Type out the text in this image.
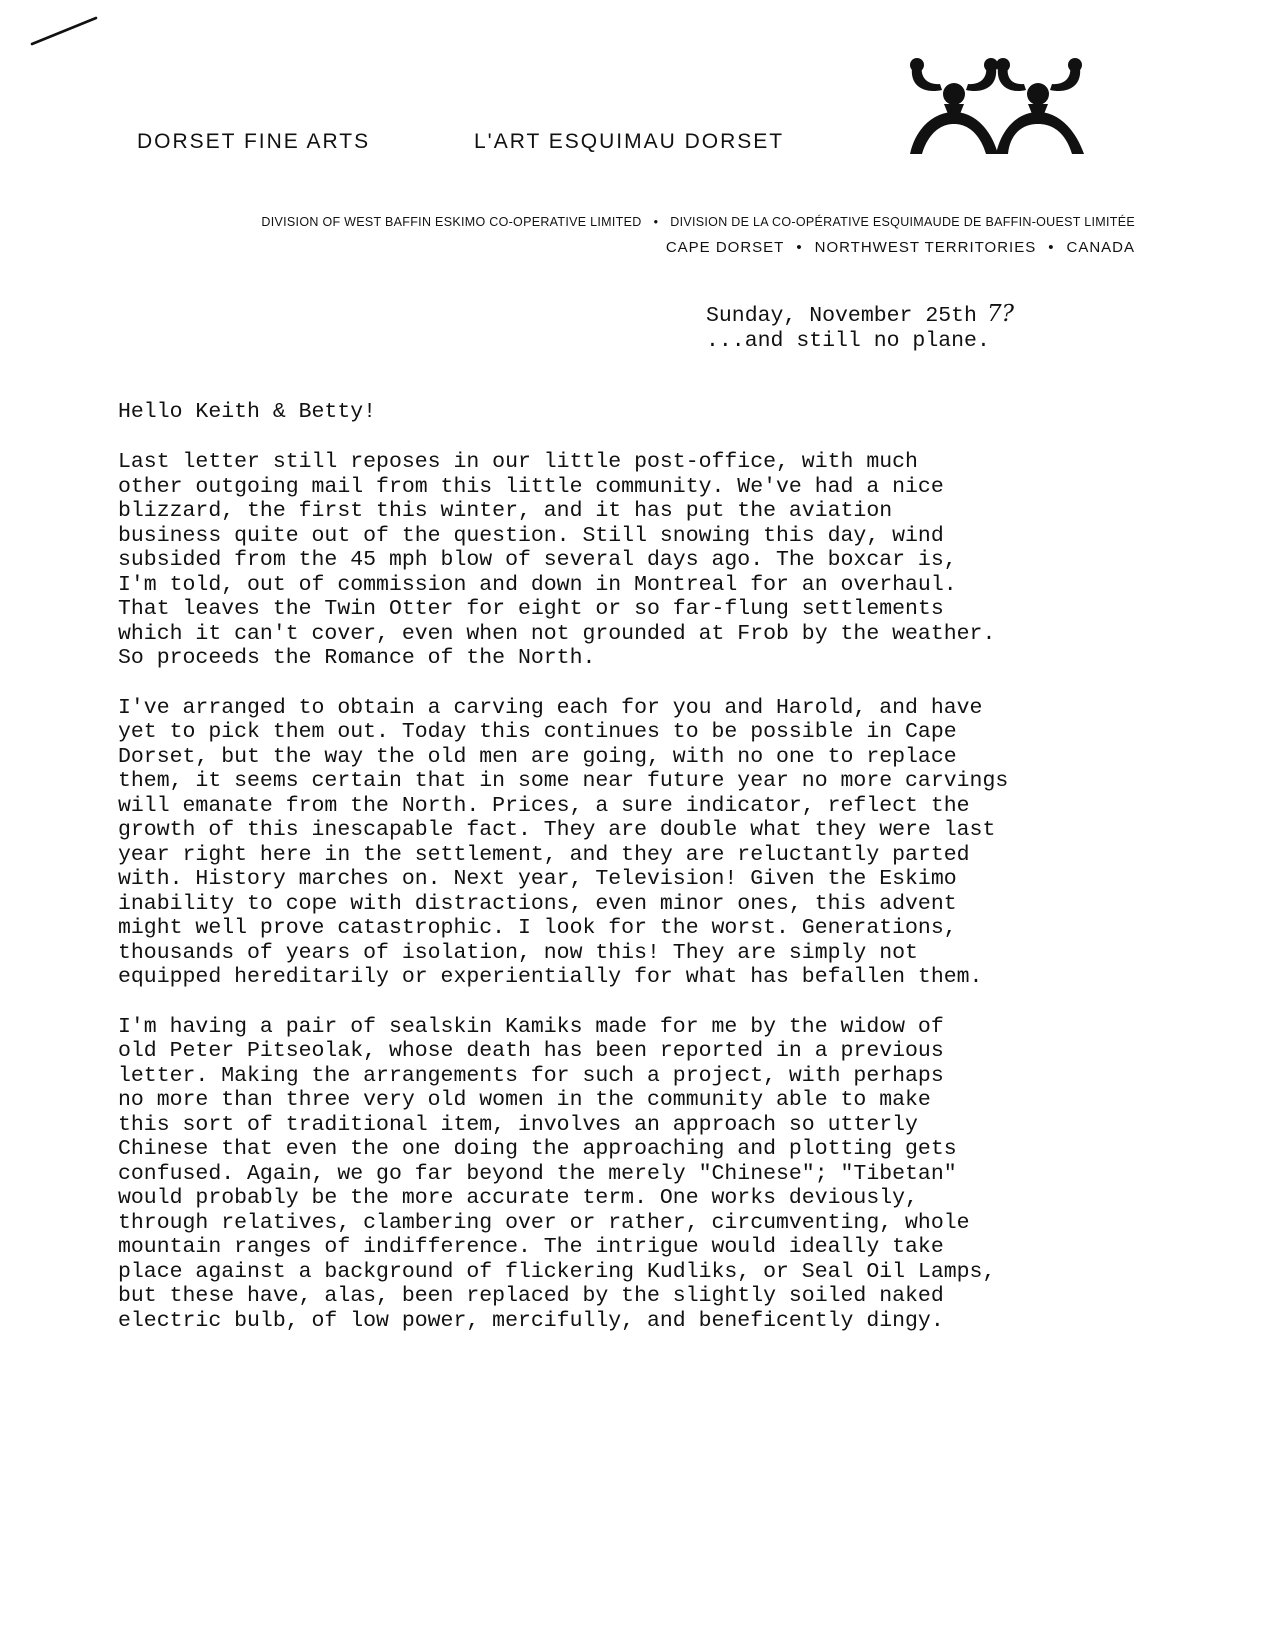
DORSET FINE ARTS	L'ART ESQUIMAU DORSET
DIVISION OF WEST BAFFIN ESKIMO CO-OPERATIVE LIMITED • DIVISION DE LA CO-OPÉRATIVE ESQUIMAUDE DE BAFFIN-OUEST LIMITÉE
CAPE DORSET • NORTHWEST TERRITORIES • CANADA
Sunday, November 25th 7?
...and still no plane.
Hello Keith & Betty!
Last letter still reposes in our little post-office, with much
other outgoing mail from this little community. We've had a nice
blizzard, the first this winter, and it has put the aviation
business quite out of the question. Still snowing this day, wind
subsided from the 45 mph blow of several days ago. The boxcar is,
I'm told, out of commission and down in Montreal for an overhaul.
That leaves the Twin Otter for eight or so far-flung settlements
which it can't cover, even when not grounded at Frob by the weather.
So proceeds the Romance of the North.
I've arranged to obtain a carving each for you and Harold, and have
yet to pick them out. Today this continues to be possible in Cape
Dorset, but the way the old men are going, with no one to replace
them, it seems certain that in some near future year no more carvings
will emanate from the North. Prices, a sure indicator, reflect the
growth of this inescapable fact. They are double what they were last
year right here in the settlement, and they are reluctantly parted
with. History marches on. Next year, Television! Given the Eskimo
inability to cope with distractions, even minor ones, this advent
might well prove catastrophic. I look for the worst. Generations,
thousands of years of isolation, now this! They are simply not
equipped hereditarily or experientially for what has befallen them.
I'm having a pair of sealskin Kamiks made for me by the widow of
old Peter Pitseolak, whose death has been reported in a previous
letter. Making the arrangements for such a project, with perhaps
no more than three very old women in the community able to make
this sort of traditional item, involves an approach so utterly
Chinese that even the one doing the approaching and plotting gets
confused. Again, we go far beyond the merely "Chinese"; "Tibetan"
would probably be the more accurate term. One works deviously,
through relatives, clambering over or rather, circumventing, whole
mountain ranges of indifference. The intrigue would ideally take
place against a background of flickering Kudliks, or Seal Oil Lamps,
but these have, alas, been replaced by the slightly soiled naked
electric bulb, of low power, mercifully, and beneficently dingy.
